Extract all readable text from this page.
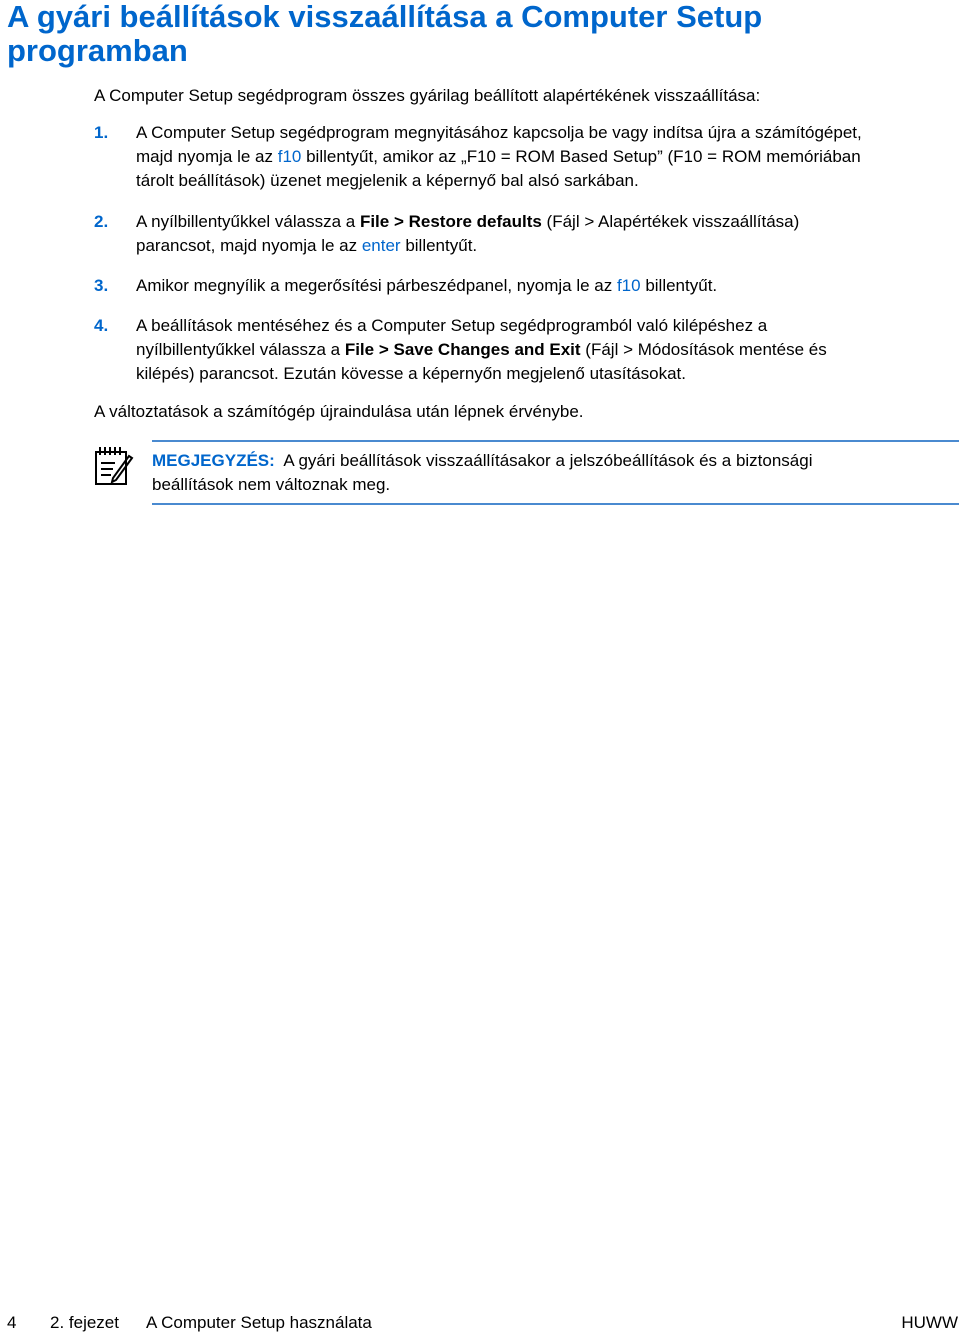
A gyári beállítások visszaállítása a Computer Setup programban

A Computer Setup segédprogram összes gyárilag beállított alapértékének visszaállítása:

1.	A Computer Setup segédprogram megnyitásához kapcsolja be vagy indítsa újra a számítógépet,
majd nyomja le az f10 billentyűt, amikor az „F10 = ROM Based Setup” (F10 = ROM memóriában
tárolt beállítások) üzenet megjelenik a képernyő bal alsó sarkában.
2.	A nyílbillentyűkkel válassza a File > Restore defaults (Fájl > Alapértékek visszaállítása)
parancsot, majd nyomja le az enter billentyűt.
3.	Amikor megnyílik a megerősítési párbeszédpanel, nyomja le az f10 billentyűt.
4.	A beállítások mentéséhez és a Computer Setup segédprogramból való kilépéshez a
nyílbillentyűkkel válassza a File > Save Changes and Exit (Fájl > Módosítások mentése és
kilépés) parancsot. Ezután kövesse a képernyőn megjelenő utasításokat.

A változtatások a számítógép újraindulása után lépnek érvénybe.

MEGJEGYZÉS:  A gyári beállítások visszaállításakor a jelszóbeállítások és a biztonsági
beállítások nem változnak meg.
4 2. fejezet A Computer Setup használata	HUWW
